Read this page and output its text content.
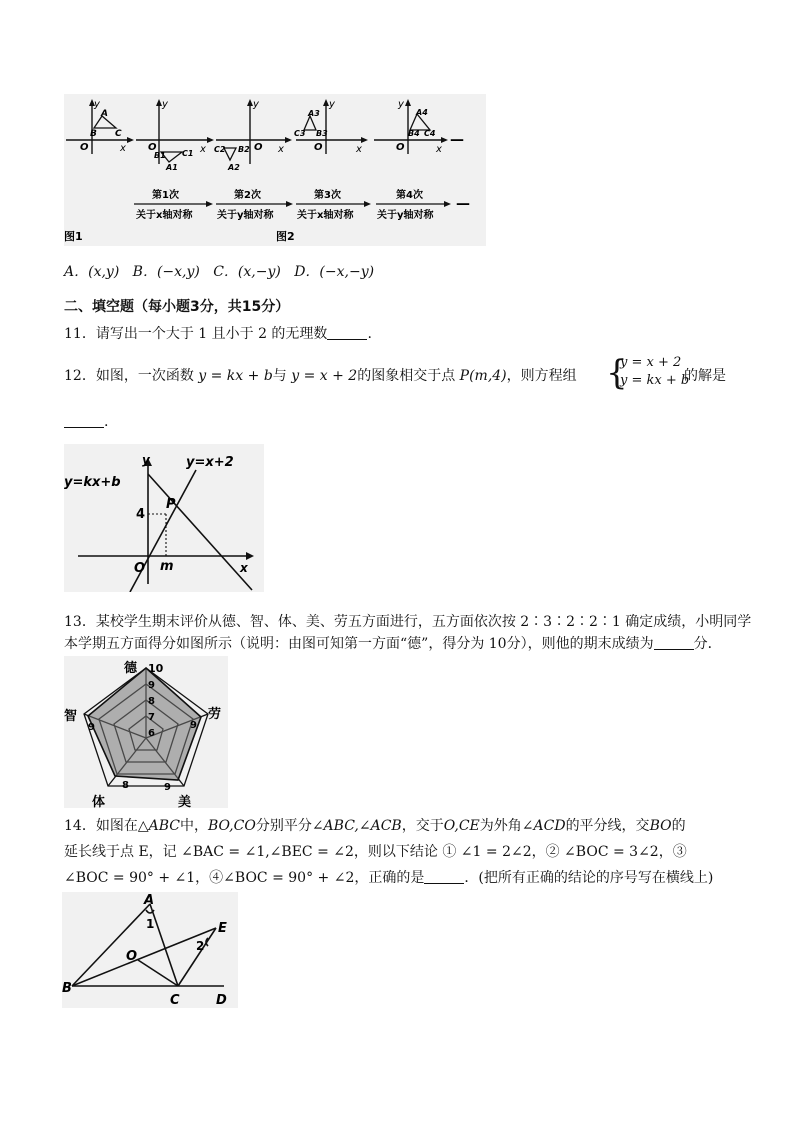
y
x
O
A
B C
y
x
O
B1
A1
C1
y
x
O
C2 B2
A2
y
x
O
A3
C3 B3
y
x
O
A4
B4 C4 —
—
第1次	第2次	第3次	第4次
关于x轴对称 关于y轴对称 关于x轴对称 关于y轴对称
图1	图2
A．(x,y) B．(−x,y) C．(x,−y) D．(−x,−y)
二、填空题（每小题3分，共15分）
11．请写出一个大于 1 且小于 2 的无理数	.
12．如图，一次函数 y = kx + b与 y = x + 2的图象相交于点 P(m,4)，则方程组 {
y = x + 2
y = kx + b
的解是
.
y=kx+b
y=x+2
y
x
P
4
O m
13．某校学生期末评价从德、智、体、美、劳五方面进行，五方面依次按 2∶3∶2∶2∶1 确定成绩，小明同学
本学期五方面得分如图所示（说明：由图可知第一方面“德”，得分为 10分），则他的期末成绩为	分．
德
智
体	美
劳
10
9
8
7
6
9
8	9
9
14．如图在△ABC中，BO,CO分别平分∠ABC,∠ACB，交于O,CE为外角∠ACD的平分线，交BO的
延长线于点 E，记 ∠BAC = ∠1,∠BEC = ∠2，则以下结论 ① ∠1 = 2∠2，② ∠BOC = 3∠2，③
∠BOC = 90° + ∠1，④∠BOC = 90° + ∠2，正确的是	．(把所有正确的结论的序号写在横线上)
A
B
C	D
E
O
1
2
